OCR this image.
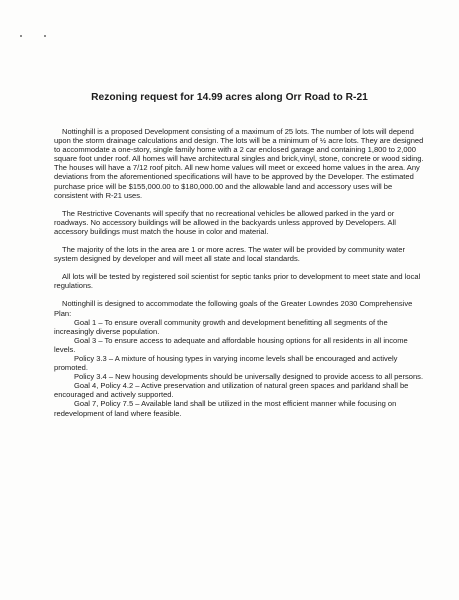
Rezoning request for 14.99 acres along Orr Road to R-21

Nottinghill is a proposed Development consisting of a maximum of 25 lots. The number of lots will depend upon the storm drainage calculations and design. The lots will be a minimum of ½ acre lots. They are designed to accommodate a one-story, single family home with a 2 car enclosed garage and containing 1,800 to 2,000 square foot under roof. All homes will have architectural singles and brick,vinyl, stone, concrete or wood siding. The houses will have a 7/12 roof pitch. All new home values will meet or exceed home values in the area. Any deviations from the aforementioned specifications will have to be approved by the Developer. The estimated purchase price will be $155,000.00 to $180,000.00 and the allowable land and accessory uses will be consistent with R-21 uses.

The Restrictive Covenants will specify that no recreational vehicles be allowed parked in the yard or roadways. No accessory buildings will be allowed in the backyards unless approved by Developers. All accessory buildings must match the house in color and material.

The majority of the lots in the area are 1 or more acres. The water will be provided by community water system designed by developer and will meet all state and local standards.

All lots will be tested by registered soil scientist for septic tanks prior to development to meet state and local regulations.

Nottinghill is designed to accommodate the following goals of the Greater Lowndes 2030 Comprehensive Plan:

Goal 1 – To ensure overall community growth and development benefitting all segments of the increasingly diverse population.

Goal 3 – To ensure access to adequate and affordable housing options for all residents in all income levels.

Policy 3.3 – A mixture of housing types in varying income levels shall be encouraged and actively promoted.

Policy 3.4 – New housing developments should be universally designed to provide access to all persons.

Goal 4, Policy 4.2 – Active preservation and utilization of natural green spaces and parkland shall be encouraged and actively supported.

Goal 7, Policy 7.5 – Available land shall be utilized in the most efficient manner while focusing on redevelopment of land where feasible.
